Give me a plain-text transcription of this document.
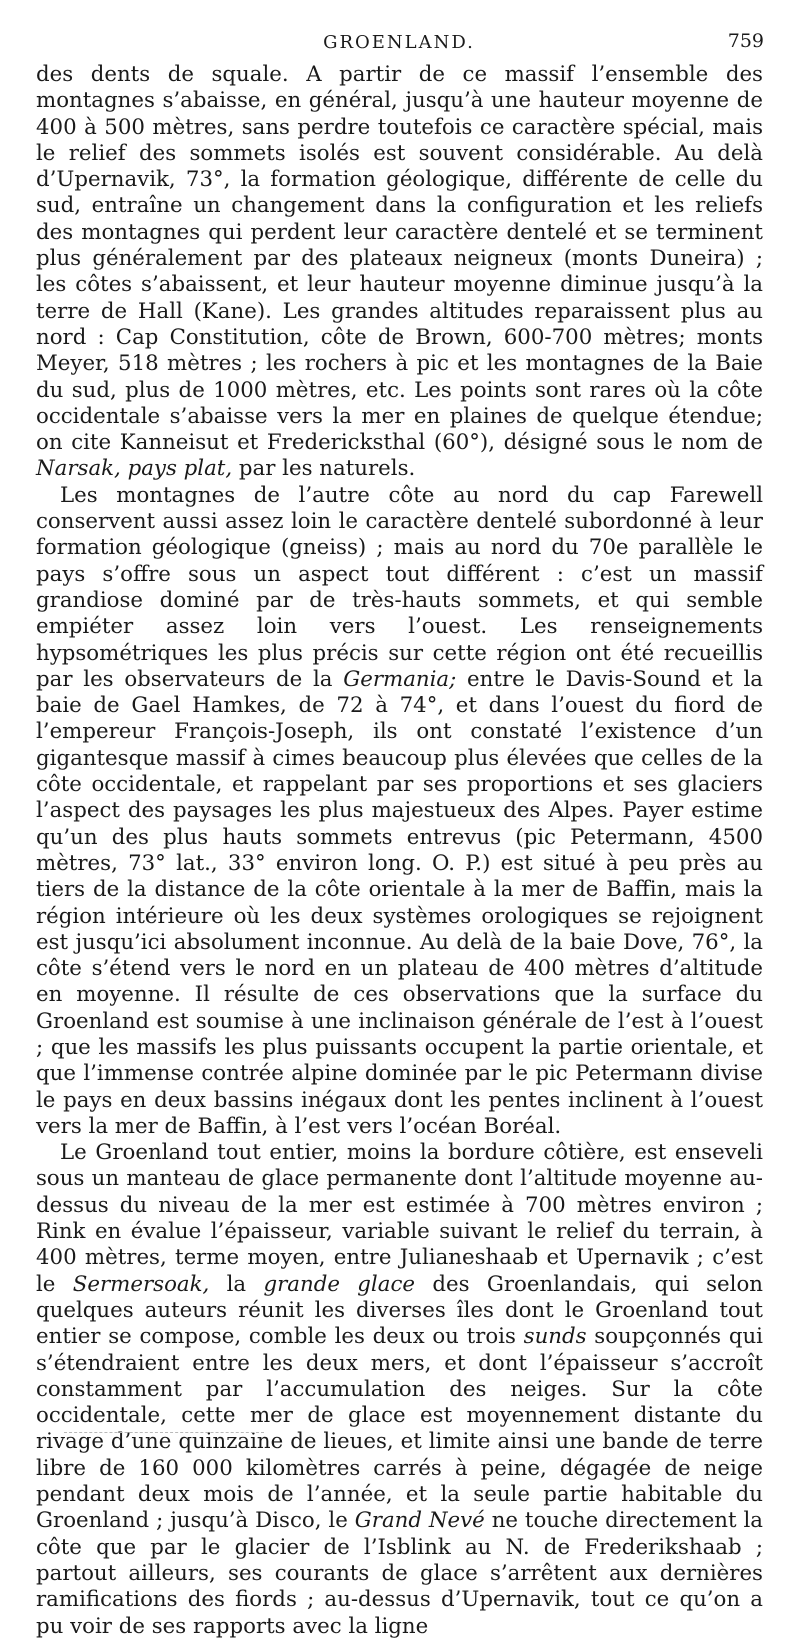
GROENLAND.	759

des dents de squale. A partir de ce massif l’ensemble des montagnes s’abaisse, en général, jusqu’à une hauteur moyenne de 400 à 500 mètres, sans perdre toutefois ce caractère spécial, mais le relief des sommets isolés est souvent considérable. Au delà d’Upernavik, 73°, la formation géologique, différente de celle du sud, entraîne un changement dans la configuration et les reliefs des montagnes qui perdent leur caractère dentelé et se terminent plus généralement par des plateaux neigneux (monts Duneira) ; les côtes s’abaissent, et leur hauteur moyenne diminue jusqu’à la terre de Hall (Kane). Les grandes altitudes reparaissent plus au nord : Cap Constitution, côte de Brown, 600-700 mètres; monts Meyer, 518 mètres ; les rochers à pic et les montagnes de la Baie du sud, plus de 1000 mètres, etc. Les points sont rares où la côte occidentale s’abaisse vers la mer en plaines de quelque étendue; on cite Kanneisut et Fredericksthal (60°), désigné sous le nom de Narsak, pays plat, par les naturels.

Les montagnes de l’autre côte au nord du cap Farewell conservent aussi assez loin le caractère dentelé subordonné à leur formation géologique (gneiss) ; mais au nord du 70e parallèle le pays s’offre sous un aspect tout différent : c’est un massif grandiose dominé par de très-hauts sommets, et qui semble empiéter assez loin vers l’ouest. Les renseignements hypsométriques les plus précis sur cette région ont été recueillis par les observateurs de la Germania; entre le Davis-Sound et la baie de Gael Hamkes, de 72 à 74°, et dans l’ouest du fiord de l’empereur François-Joseph, ils ont constaté l’existence d’un gigantesque massif à cimes beaucoup plus élevées que celles de la côte occidentale, et rappelant par ses proportions et ses glaciers l’aspect des paysages les plus majestueux des Alpes. Payer estime qu’un des plus hauts sommets entrevus (pic Petermann, 4500 mètres, 73° lat., 33° environ long. O. P.) est situé à peu près au tiers de la distance de la côte orientale à la mer de Baffin, mais la région intérieure où les deux systèmes orologiques se rejoignent est jusqu’ici absolument inconnue. Au delà de la baie Dove, 76°, la côte s’étend vers le nord en un plateau de 400 mètres d’altitude en moyenne. Il résulte de ces observations que la surface du Groenland est soumise à une inclinaison générale de l’est à l’ouest ; que les massifs les plus puissants occupent la partie orientale, et que l’immense contrée alpine dominée par le pic Petermann divise le pays en deux bassins inégaux dont les pentes inclinent à l’ouest vers la mer de Baffin, à l’est vers l’océan Boréal.

Le Groenland tout entier, moins la bordure côtière, est enseveli sous un manteau de glace permanente dont l’altitude moyenne au-dessus du niveau de la mer est estimée à 700 mètres environ ; Rink en évalue l’épaisseur, variable suivant le relief du terrain, à 400 mètres, terme moyen, entre Julianeshaab et Upernavik ; c’est le Sermersoak, la grande glace des Groenlandais, qui selon quelques auteurs réunit les diverses îles dont le Groenland tout entier se compose, comble les deux ou trois sunds soupçonnés qui s’étendraient entre les deux mers, et dont l’épaisseur s’accroît constamment par l’accumulation des neiges. Sur la côte occidentale, cette mer de glace est moyennement distante du rivage d’une quinzaine de lieues, et limite ainsi une bande de terre libre de 160 000 kilomètres carrés à peine, dégagée de neige pendant deux mois de l’année, et la seule partie habitable du Groenland ; jusqu’à Disco, le Grand Nevé ne touche directement la côte que par le glacier de l’Isblink au N. de Frederikshaab ; partout ailleurs, ses courants de glace s’arrêtent aux dernières ramifications des fiords ; au-dessus d’Upernavik, tout ce qu’on a pu voir de ses rapports avec la ligne
